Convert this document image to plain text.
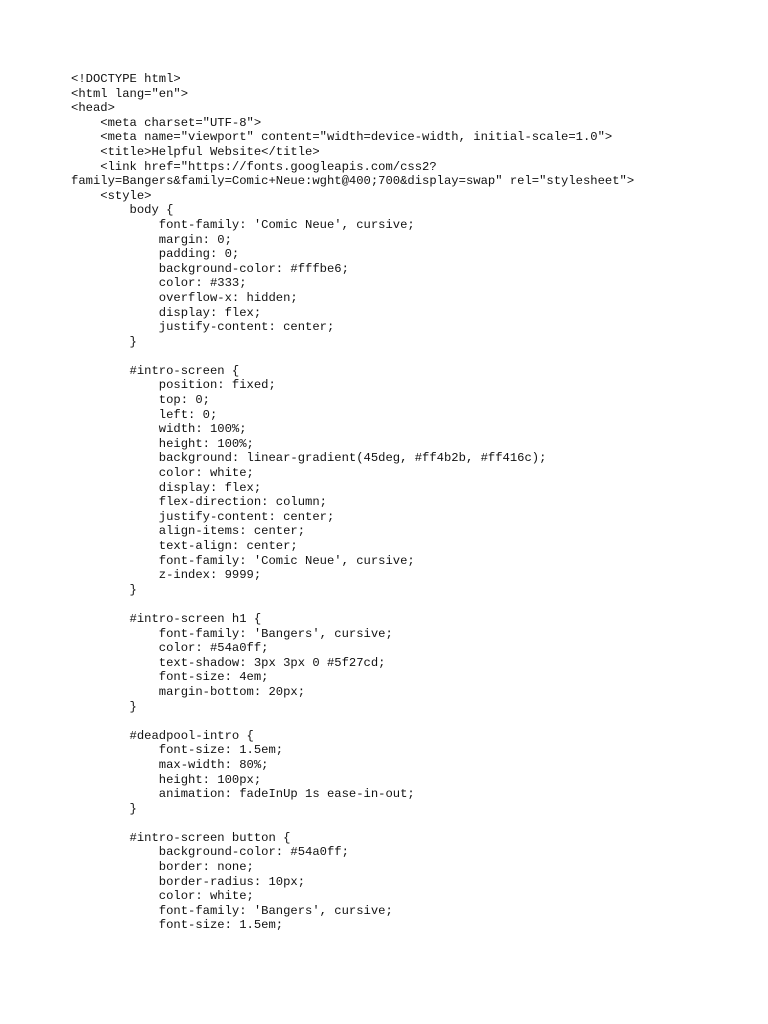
<!DOCTYPE html>
<html lang="en">
<head>
<meta charset="UTF-8">
<meta name="viewport" content="width=device-width, initial-scale=1.0">
<title>Helpful Website</title>
<link href="https://fonts.googleapis.com/css2?
family=Bangers&family=Comic+Neue:wght@400;700&display=swap" rel="stylesheet">
<style>
body {
font-family: 'Comic Neue', cursive;
margin: 0;
padding: 0;
background-color: #fffbe6;
color: #333;
overflow-x: hidden;
display: flex;
justify-content: center;
}

#intro-screen {
position: fixed;
top: 0;
left: 0;
width: 100%;
height: 100%;
background: linear-gradient(45deg, #ff4b2b, #ff416c);
color: white;
display: flex;
flex-direction: column;
justify-content: center;
align-items: center;
text-align: center;
font-family: 'Comic Neue', cursive;
z-index: 9999;
}

#intro-screen h1 {
font-family: 'Bangers', cursive;
color: #54a0ff;
text-shadow: 3px 3px 0 #5f27cd;
font-size: 4em;
margin-bottom: 20px;
}

#deadpool-intro {
font-size: 1.5em;
max-width: 80%;
height: 100px;
animation: fadeInUp 1s ease-in-out;
}

#intro-screen button {
background-color: #54a0ff;
border: none;
border-radius: 10px;
color: white;
font-family: 'Bangers', cursive;
font-size: 1.5em;
